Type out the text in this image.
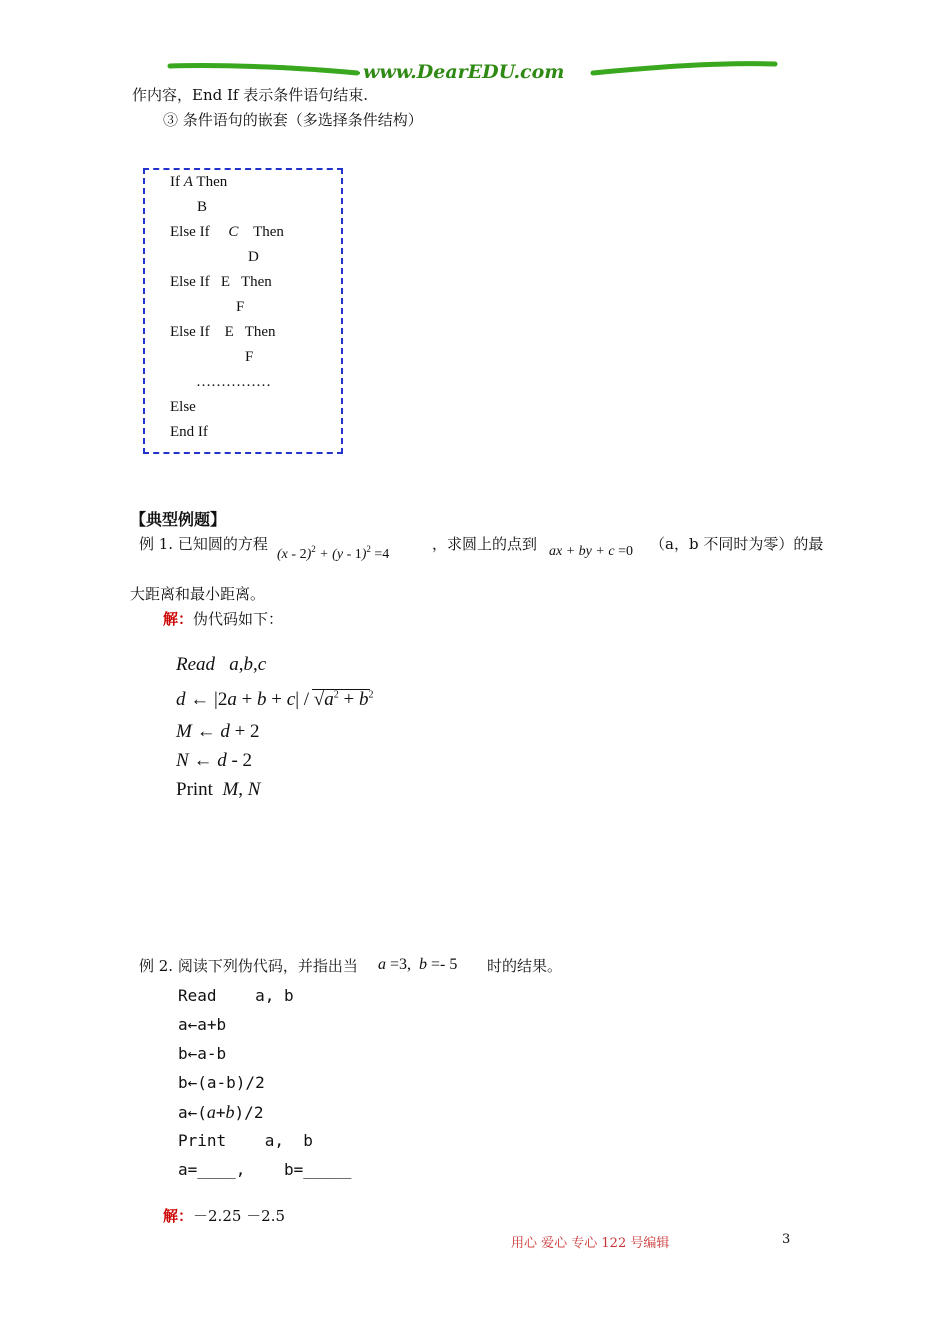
www.DearEDU.com
作内容，End If 表示条件语句结束.
③ 条件语句的嵌套（多选择条件结构）
If A Then
B
Else If     C    Then
D
Else If   E   Then
F
Else If    E   Then
F
……………
Else
End If
【典型例题】
例 1. 已知圆的方程
(x - 2)$^2$ + (y - 1)$^2$ =4
，求圆上的点到 ax + by + c =0 （a，b 不同时为零）的最
大距离和最小距离。
解：伪代码如下：
Read a,b,c
d ← $|2a + b + c| / √a^2 + b^2$
M ← d + 2
N ← d - 2
Print M, N
例 2. 阅读下列伪代码，并指出当 a =3, b =- 5 时的结果。
Read    a, b
a←a+b
b←a-b
b←(a-b)/2
a←(a+b)/2
Print    a,  b
a=____,    b=_____
解：－2.25 －2.5
用心 爱心 专心 122 号编辑	3
